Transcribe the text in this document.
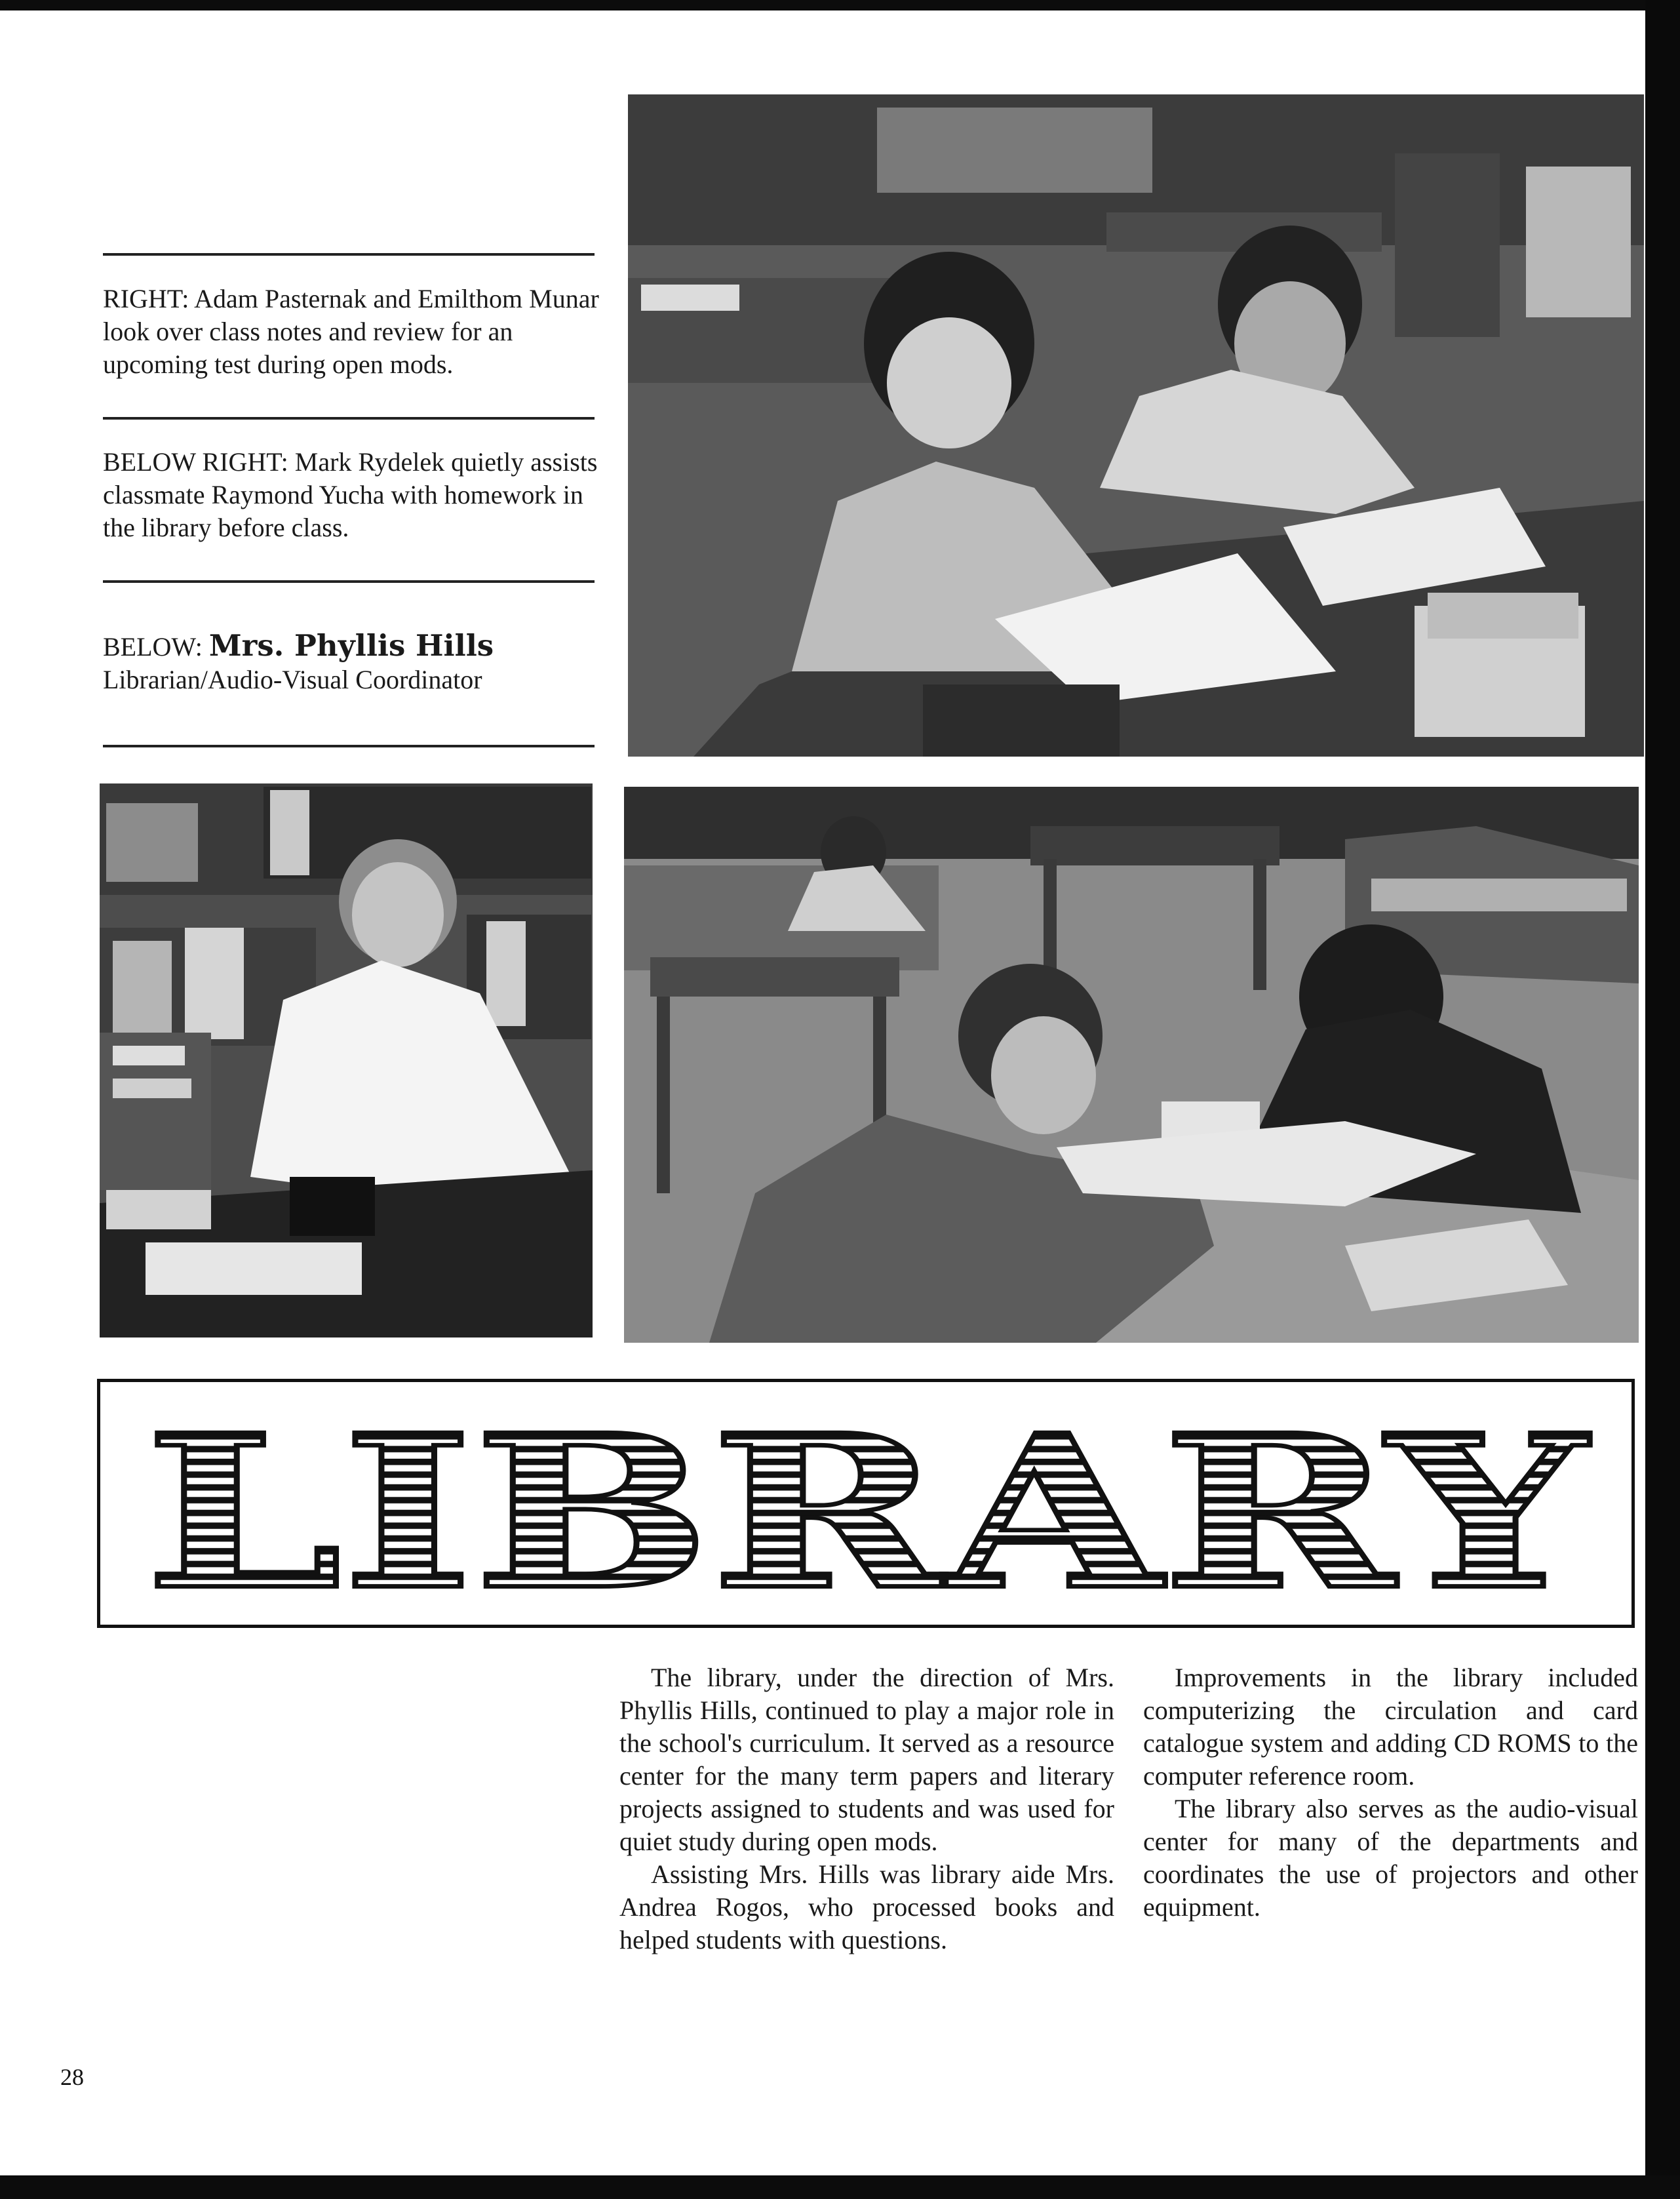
RIGHT: Adam Pasternak and Emilthom Munar look over class notes and review for an upcoming test during open mods.
BELOW RIGHT: Mark Rydelek quietly assists classmate Raymond Yucha with homework in the library before class.
BELOW: Mrs. Phyllis Hills
Librarian/Audio-Visual Coordinator
LIBRARY

The library, under the direction of Mrs. Phyllis Hills, continued to play a major role in the school's curriculum. It served as a resource center for the many term papers and literary projects assigned to students and was used for quiet study during open mods.

Assisting Mrs. Hills was library aide Mrs. Andrea Rogos, who processed books and helped students with questions.

Improvements in the library included computerizing the circulation and card catalogue system and adding CD ROMS to the computer reference room.

The library also serves as the audio-visual center for many of the departments and coordinates the use of projectors and other equipment.

28
